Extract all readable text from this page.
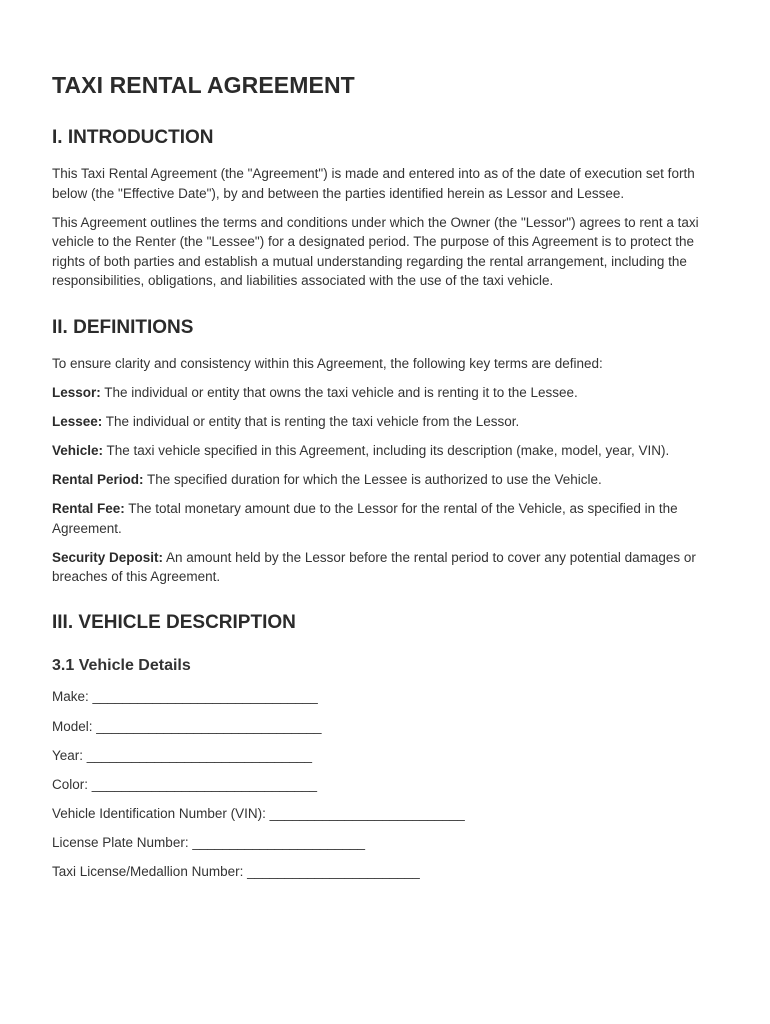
TAXI RENTAL AGREEMENT
I. INTRODUCTION

This Taxi Rental Agreement (the "Agreement") is made and entered into as of the date of execution set forth below (the "Effective Date"), by and between the parties identified herein as Lessor and Lessee.

This Agreement outlines the terms and conditions under which the Owner (the "Lessor") agrees to rent a taxi vehicle to the Renter (the "Lessee") for a designated period. The purpose of this Agreement is to protect the rights of both parties and establish a mutual understanding regarding the rental arrangement, including the responsibilities, obligations, and liabilities associated with the use of the taxi vehicle.

II. DEFINITIONS

To ensure clarity and consistency within this Agreement, the following key terms are defined:

Lessor: The individual or entity that owns the taxi vehicle and is renting it to the Lessee.

Lessee: The individual or entity that is renting the taxi vehicle from the Lessor.

Vehicle: The taxi vehicle specified in this Agreement, including its description (make, model, year, VIN).

Rental Period: The specified duration for which the Lessee is authorized to use the Vehicle.

Rental Fee: The total monetary amount due to the Lessor for the rental of the Vehicle, as specified in the Agreement.

Security Deposit: An amount held by the Lessor before the rental period to cover any potential damages or breaches of this Agreement.

III. VEHICLE DESCRIPTION
3.1 Vehicle Details
Make: ______________________________
Model: ______________________________
Year: ______________________________
Color: ______________________________
Vehicle Identification Number (VIN): __________________________
License Plate Number: _______________________
Taxi License/Medallion Number: _______________________
